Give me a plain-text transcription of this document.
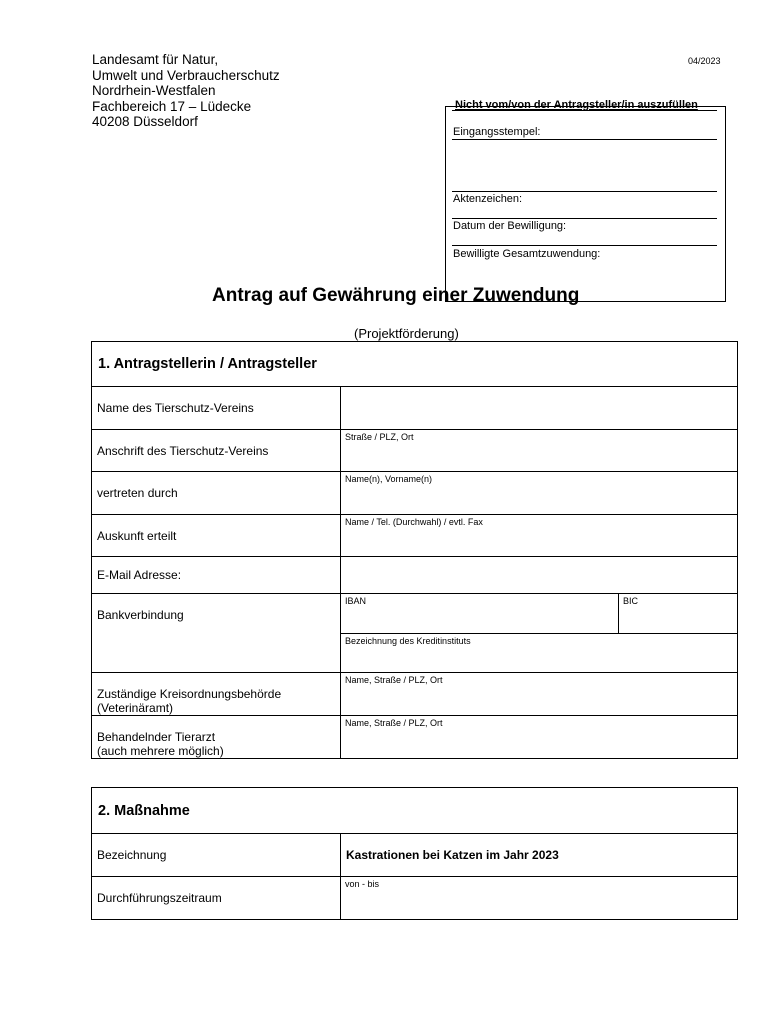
Landesamt für Natur,
Umwelt und Verbraucherschutz
Nordrhein-Westfalen
Fachbereich 17 – Lüdecke
40208 Düsseldorf
04/2023
Nicht vom/von der Antragsteller/in auszufüllen
Eingangsstempel:
Aktenzeichen:
Datum der Bewilligung:
Bewilligte Gesamtzuwendung:
Antrag auf Gewährung einer Zuwendung
(Projektförderung)
1. Antragstellerin / Antragsteller		
Name des Tierschutz-Vereins		
Anschrift des Tierschutz-Vereins	Straße / PLZ, Ort	

vertreten durch	Name(n), Vorname(n)	

Auskunft erteilt	Name / Tel. (Durchwahl) / evtl. Fax	

E-Mail Adresse:		
Bankverbindung	IBAN	BIC

	Bezeichnung des Kreditinstituts	

Zuständige Kreisordnungsbehörde
(Veterinäramt)	Name, Straße / PLZ, Ort	

Behandelnder Tierarzt
(auch mehrere möglich)	Name, Straße / PLZ, Ort	
2. Maßnahme	
Bezeichnung	Kastrationen bei Katzen im Jahr 2023
Durchführungszeitraum	von - bis
